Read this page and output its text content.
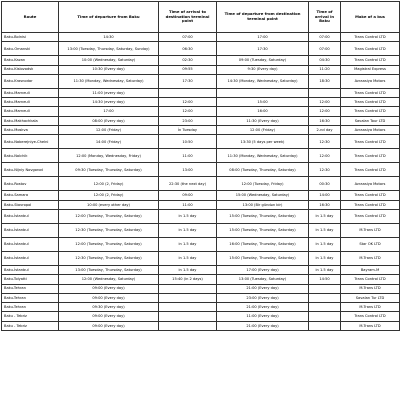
Route	Time of departure from Baku	Time of arrival to destination terminal point	Time of departure from destination terminal point	Time of arrival in Baku	Make of a bus
Baku-Bolnisi	14:30	07:00	17:00	07:00	Trans Control LTD
Baku-Omanski	13:00 (Tuesday, Thursday, Saturday, Sunday)	06:30	17:30	07:00	Trans Control LTD
Baku-Kazan	10:00 (Wednesday, Saturday)	02:30	09:00 (Tuesday, Saturday)	04:30	Trans Control LTD
Baku-Kislovodsk	10:30 (Every day)	09:55	9:30 (Every day)	11:20	Magistral Express
Baku-Krasnodar	11:30 (Monday, Wednesday, Saturday)	17:30	14:30 (Monday, Wednesday, Saturday)	18:30	Avraasiya Motors
Baku-Marneuli	11:00 (every day)				Trans Control LTD
Baku-Marneuli	14:30 (every day)	12:00	15:00	12:00	Trans Control LTD
Baku-Marneuli	17:00	12:00	16:00	12:00	Trans Control LTD
Baku-Makhachkala	08:00 (Every day)	23:00	11:30 (Every day)	16:30	Savalan Tour LTD
Baku-Moskva	12:00 (Friday)	İn Tuesday	12:00 (Friday)	2-nd day	Avraasiya Motors
Baku-Naberejniye-Chelni	14:00 (Friday)	10:50	13:30 (5 days per week)	12:30	Trans Control LTD
Baku-Nalchik	12:00 (Monday, Wednesday, Friday)	11:00	11:30 (Monday, Wednesday, Saturday)	12:00	Trans Control LTD
Baku-Nijniy Novgorod	09:30 (Tuesday, Thursday, Saturday)	13:00	08:00 (Tuesday, Thursday, Saturday)	12:30	Trans Control LTD
Baku-Rostov	12:00 (2, Friday)	22:30 (the next day)	12:00 (Tuesday, Friday)	00:30	Avraasiya Motors
Baku-Samara	12:00 (2, Friday)	09:00	15:00 (Wednesday, Saturday)	14:00	Trans Control LTD
Baku-Stavropol	10:00 (every other day)	11:00	13:00 (Bir gündən bir)	16:30	Trans Control LTD
Baku-İstanbul	12:00 (Tuesday, Thursday, Saturday)	in 1.5 day	15:00 (Tuesday, Thursday, Saturday)	in 1.5 day	Trans Control LTD
Baku-İstanbul	12:30 (Tuesday, Thursday, Saturday)	in 1.5 day	15:00 (Tuesday, Thursday, Saturday)	in 1.5 day	M.Trans LTD
Baku-İstanbul	12:00 (Tuesday, Thursday, Saturday)	in 1.5 day	16:00 (Tuesday, Thursday, Saturday)	in 1.5 day	Star OK LTD
Baku-İstanbul	12:30 (Tuesday, Thursday, Saturday)	in 1.5 day	15:00 (Tuesday, Thursday, Saturday)	in 1.5 day	M.Trans LTD
Baku-İstanbul	13:00 (Tuesday, Thursday, Saturday)	in 1.5 day	17:00 (Every day)	in 1.5 day	Bayram-M
Baku-Tolyatti	12:00 (Wednesday, Saturday)	15:40 (in 2 days)	13:00 (Tuesday, Saturday)	14:50	Trans Control LTD
Baku-Tehran	09:00 (Every day)		21:00 (Every day)		M.Trans LTD
Baku-Tehran	09:00 (Every day)		23:00 (Every day)		Savalan Tur LTD
Baku-Tehran	09:30 (Every day)		21:00 (Every day)		M.Trans LTD
Baku - Tebriz	09:00 (Every day)		11:00 (Every day)		Trans Control LTD
Baku - Tebriz	09:00 (Every day)		21:00 (Every day)		M.Trans LTD
